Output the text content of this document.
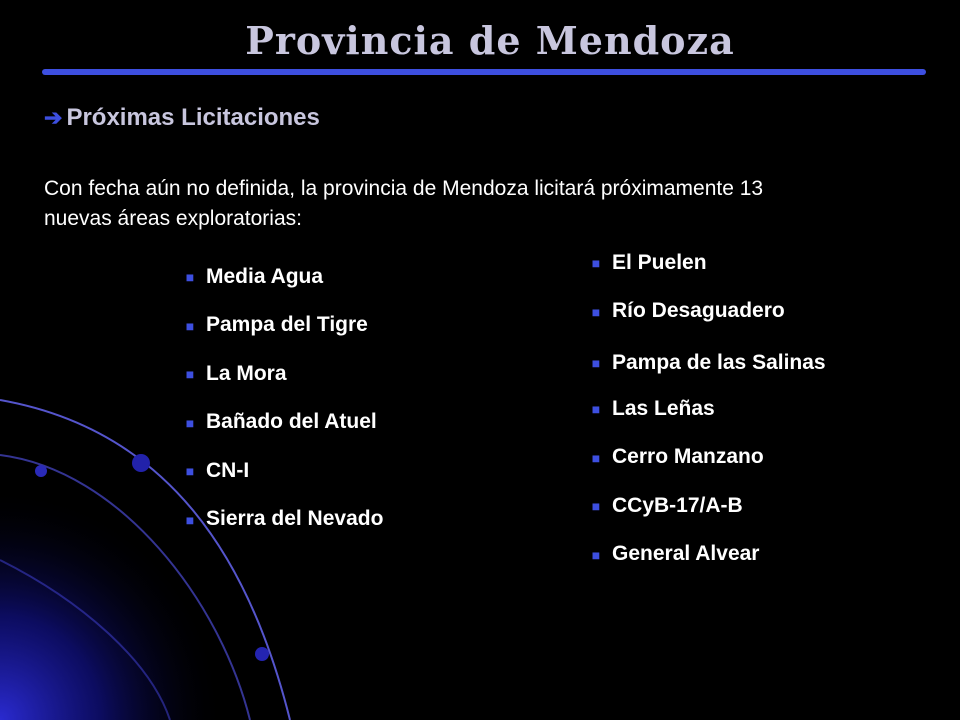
Provincia de Mendoza
➔ Próximas Licitaciones
Con fecha aún no definida, la provincia de Mendoza licitará próximamente 13 nuevas áreas exploratorias:
■ Media Agua
■ Pampa del Tigre
■ La Mora
■ Bañado del Atuel
■ CN-I
■ Sierra del Nevado
■ El Puelen
■ Río Desaguadero
■ Pampa de las Salinas
■ Las Leñas
■ Cerro Manzano
■ CCyB-17/A-B
■ General Alvear
